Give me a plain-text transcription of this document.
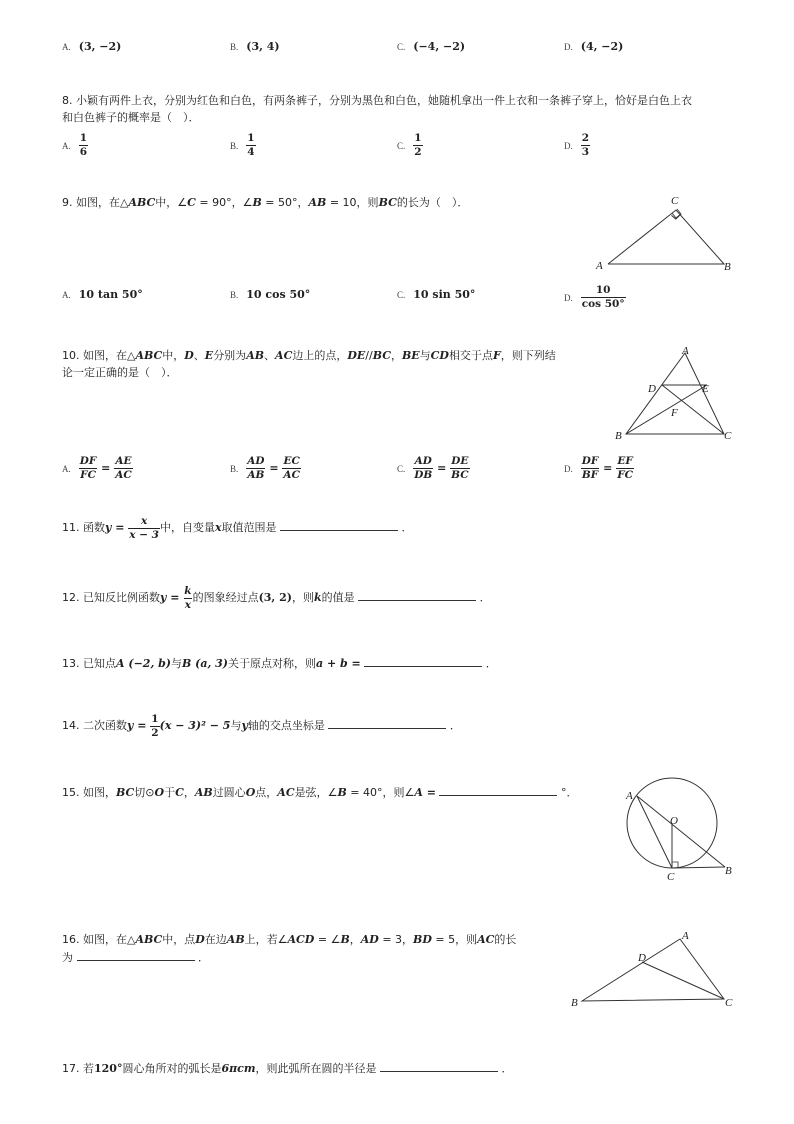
A. (3, −2)	B. (3, 4)	C. (−4, −2)	D. (4, −2)
8. 小颖有两件上衣，分别为红色和白色，有两条裤子，分别为黑色和白色，她随机拿出一件上衣和一条裤子穿上，恰好是白色上衣
和白色裤子的概率是（　）．
A. $\frac{1}{6}$	B. $\frac{1}{4}$	C. $\frac{1}{2}$	D. $\frac{2}{3}$
9. 如图，在△ABC中，∠C = 90°，∠B = 50°，AB = 10，则BC的长为（　）．
A	B
C
A. 10 tan 50°	B. 10 cos 50°	C. 10 sin 50°	D. $\frac{10}{\cos 50^\circ}$
10. 如图，在△ABC中，D、E分别为AB、AC边上的点，DE//BC，BE与CD相交于点F，则下列结
论一定正确的是（　）．
A
B	C
D	E
F
A. $\frac{DF}{FC} = \frac{AE}{AC}$	B. $\frac{AD}{AB} = \frac{EC}{AC}$	C. $\frac{AD}{DB} = \frac{DE}{BC}$	D. $\frac{DF}{BF} = \frac{EF}{FC}$
11. 函数$y = \frac{x}{x - 3}$ 中，自变量x取值范围是	．
12. 已知反比例函数$y = \frac{k}{x}$ 的图象经过点(3, 2)，则k的值是	．
13. 已知点A (−2, b)与B (a, 3)关于原点对称，则a + b =	．
14. 二次函数$y = \frac{1}{2} (x - 3)^2 - 5$与y轴的交点坐标是	．
15. 如图，BC切⊙O于C，AB过圆心O点，AC是弦，∠B = 40°，则∠A =	°．	A
B
C
O
16. 如图，在△ABC中，点D在边AB上，若∠ACD = ∠B，AD = 3，BD = 5，则AC的长
为	．
A
B	C
D
17. 若120°圆心角所对的弧长是6πcm，则此弧所在圆的半径是	．
